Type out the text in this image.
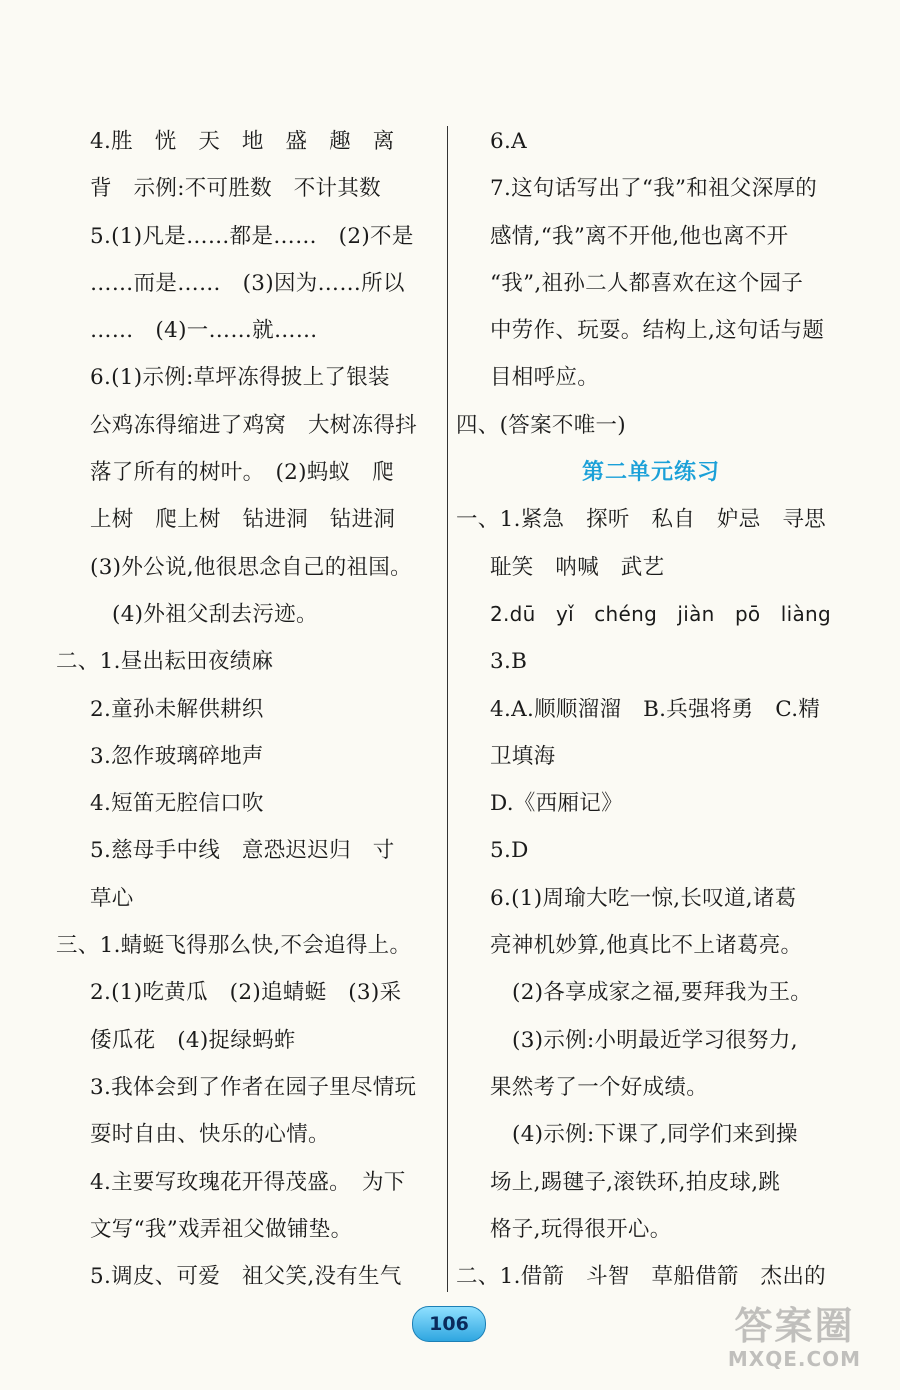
4.胜　恍　天　地　盛　趣　离
背　示例:不可胜数　不计其数
5.(1)凡是……都是……　(2)不是
……而是……　(3)因为……所以
……　(4)一……就……
6.(1)示例:草坪冻得披上了银装
公鸡冻得缩进了鸡窝　大树冻得抖
落了所有的树叶。　(2)蚂蚁　爬
上树　爬上树　钻进洞　钻进洞
(3)外公说,他很思念自己的祖国。
(4)外祖父刮去污迹。
二、1.昼出耘田夜绩麻
2.童孙未解供耕织
3.忽作玻璃碎地声
4.短笛无腔信口吹
5.慈母手中线　意恐迟迟归　寸
草心
三、1.蜻蜓飞得那么快,不会追得上。
2.(1)吃黄瓜　(2)追蜻蜓　(3)采
倭瓜花　(4)捉绿蚂蚱
3.我体会到了作者在园子里尽情玩
耍时自由、快乐的心情。
4.主要写玫瑰花开得茂盛。　为下
文写“我”戏弄祖父做铺垫。
5.调皮、可爱　祖父笑,没有生气
6.A
7.这句话写出了“我”和祖父深厚的
感情,“我”离不开他,他也离不开
“我”,祖孙二人都喜欢在这个园子
中劳作、玩耍。结构上,这句话与题
目相呼应。
四、(答案不唯一)
第二单元练习
一、1.紧急　探听　私自　妒忌　寻思
耻笑　呐喊　武艺
2.dū　yǐ　chéng　jiàn　pō　liàng
3.B
4.A.顺顺溜溜　B.兵强将勇　C.精
卫填海
D.《西厢记》
5.D
6.(1)周瑜大吃一惊,长叹道,诸葛
亮神机妙算,他真比不上诸葛亮。
(2)各享成家之福,要拜我为王。
(3)示例:小明最近学习很努力,
果然考了一个好成绩。
(4)示例:下课了,同学们来到操
场上,踢毽子,滚铁环,拍皮球,跳
格子,玩得很开心。
二、1.借箭　斗智　草船借箭　杰出的
106	答案圈
MXQE.COM
